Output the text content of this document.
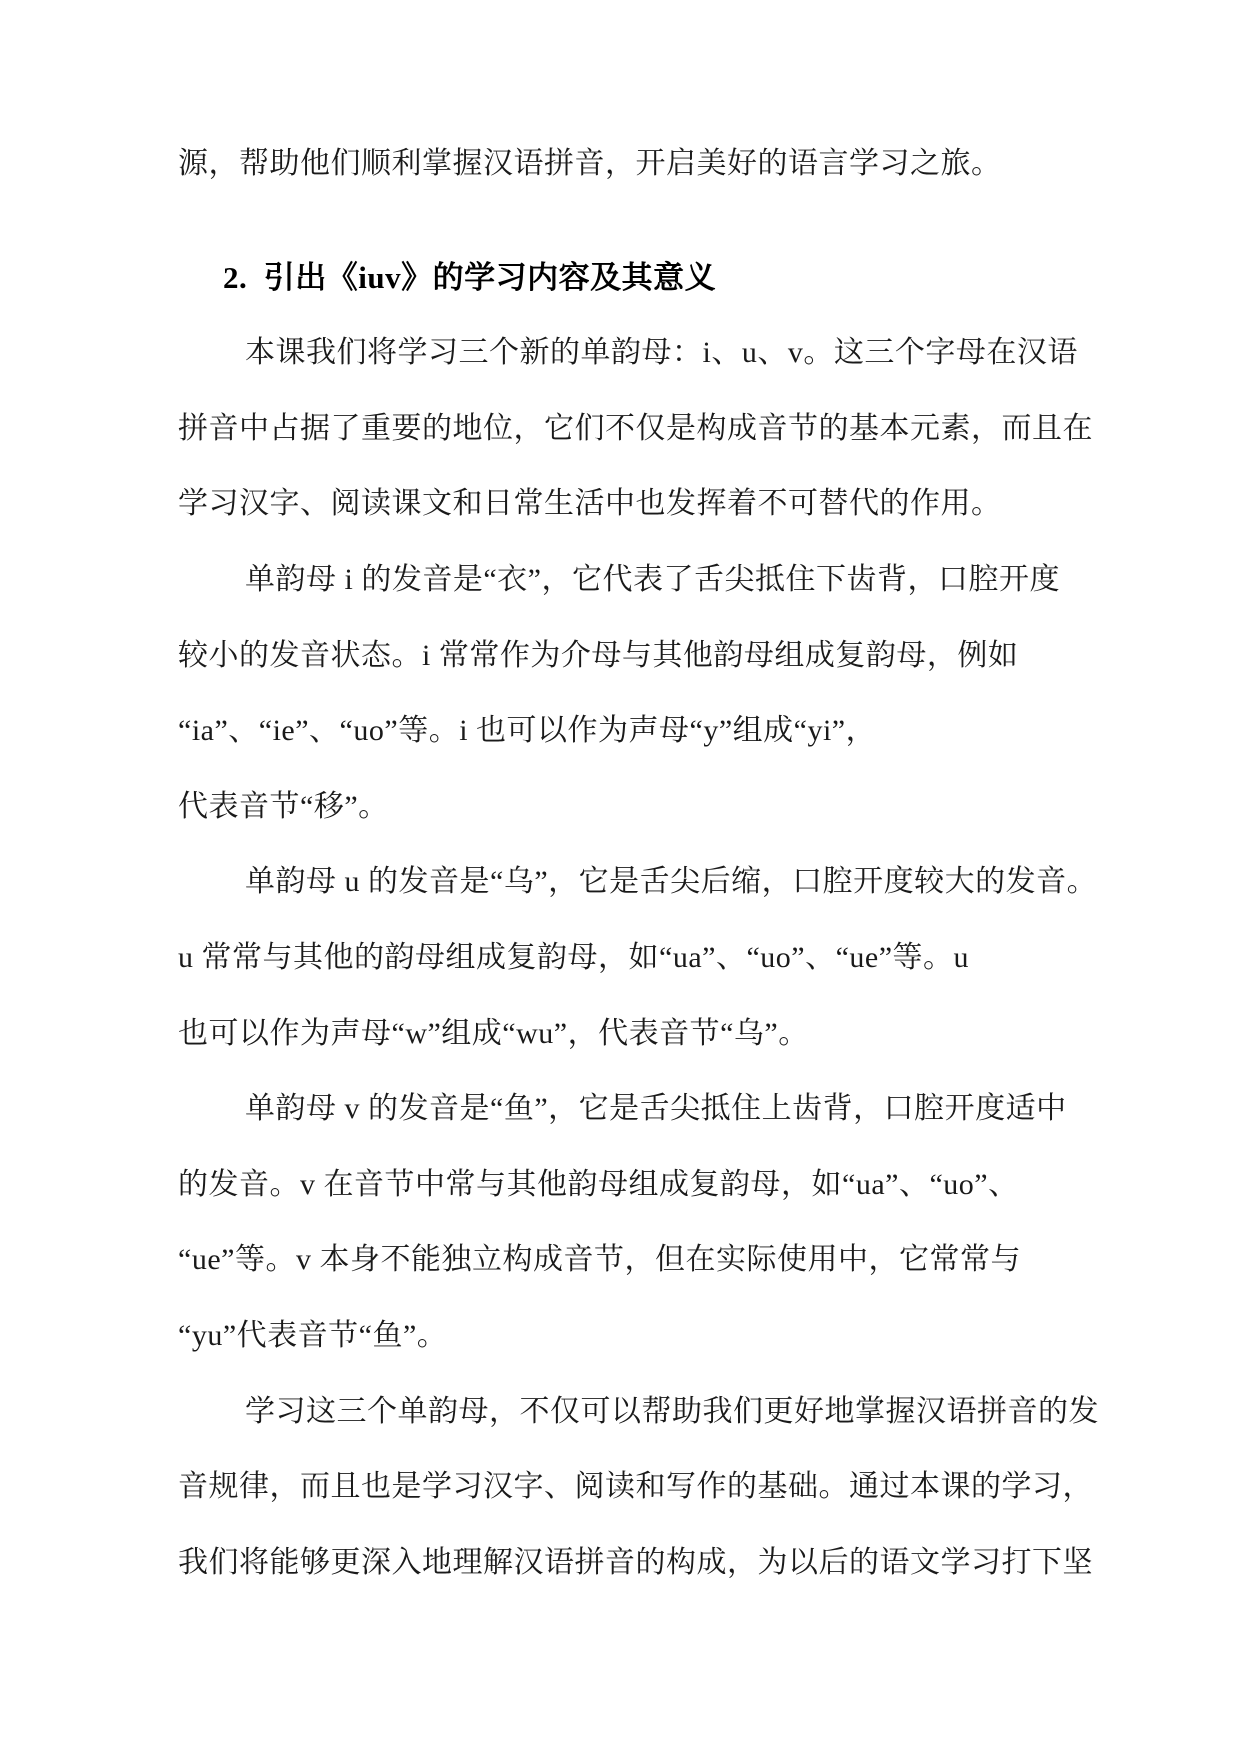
源，帮助他们顺利掌握汉语拼音，开启美好的语言学习之旅。
2.  引出《iuv》的学习内容及其意义
本课我们将学习三个新的单韵母：i、u、v。这三个字母在汉语
拼音中占据了重要的地位，它们不仅是构成音节的基本元素，而且在
学习汉字、阅读课文和日常生活中也发挥着不可替代的作用。
单韵母 i 的发音是“衣”，它代表了舌尖抵住下齿背，口腔开度
较小的发音状态。i 常常作为介母与其他韵母组成复韵母，例如
“ia”、“ie”、“uo”等。i 也可以作为声母“y”组成“yi”，
代表音节“移”。
单韵母 u 的发音是“乌”，它是舌尖后缩，口腔开度较大的发音。
u 常常与其他的韵母组成复韵母，如“ua”、“uo”、“ue”等。u
也可以作为声母“w”组成“wu”，代表音节“乌”。
单韵母 v 的发音是“鱼”，它是舌尖抵住上齿背，口腔开度适中
的发音。v 在音节中常与其他韵母组成复韵母，如“ua”、“uo”、
“ue”等。v 本身不能独立构成音节，但在实际使用中，它常常与
“yu”代表音节“鱼”。
学习这三个单韵母，不仅可以帮助我们更好地掌握汉语拼音的发
音规律，而且也是学习汉字、阅读和写作的基础。通过本课的学习，
我们将能够更深入地理解汉语拼音的构成，为以后的语文学习打下坚
